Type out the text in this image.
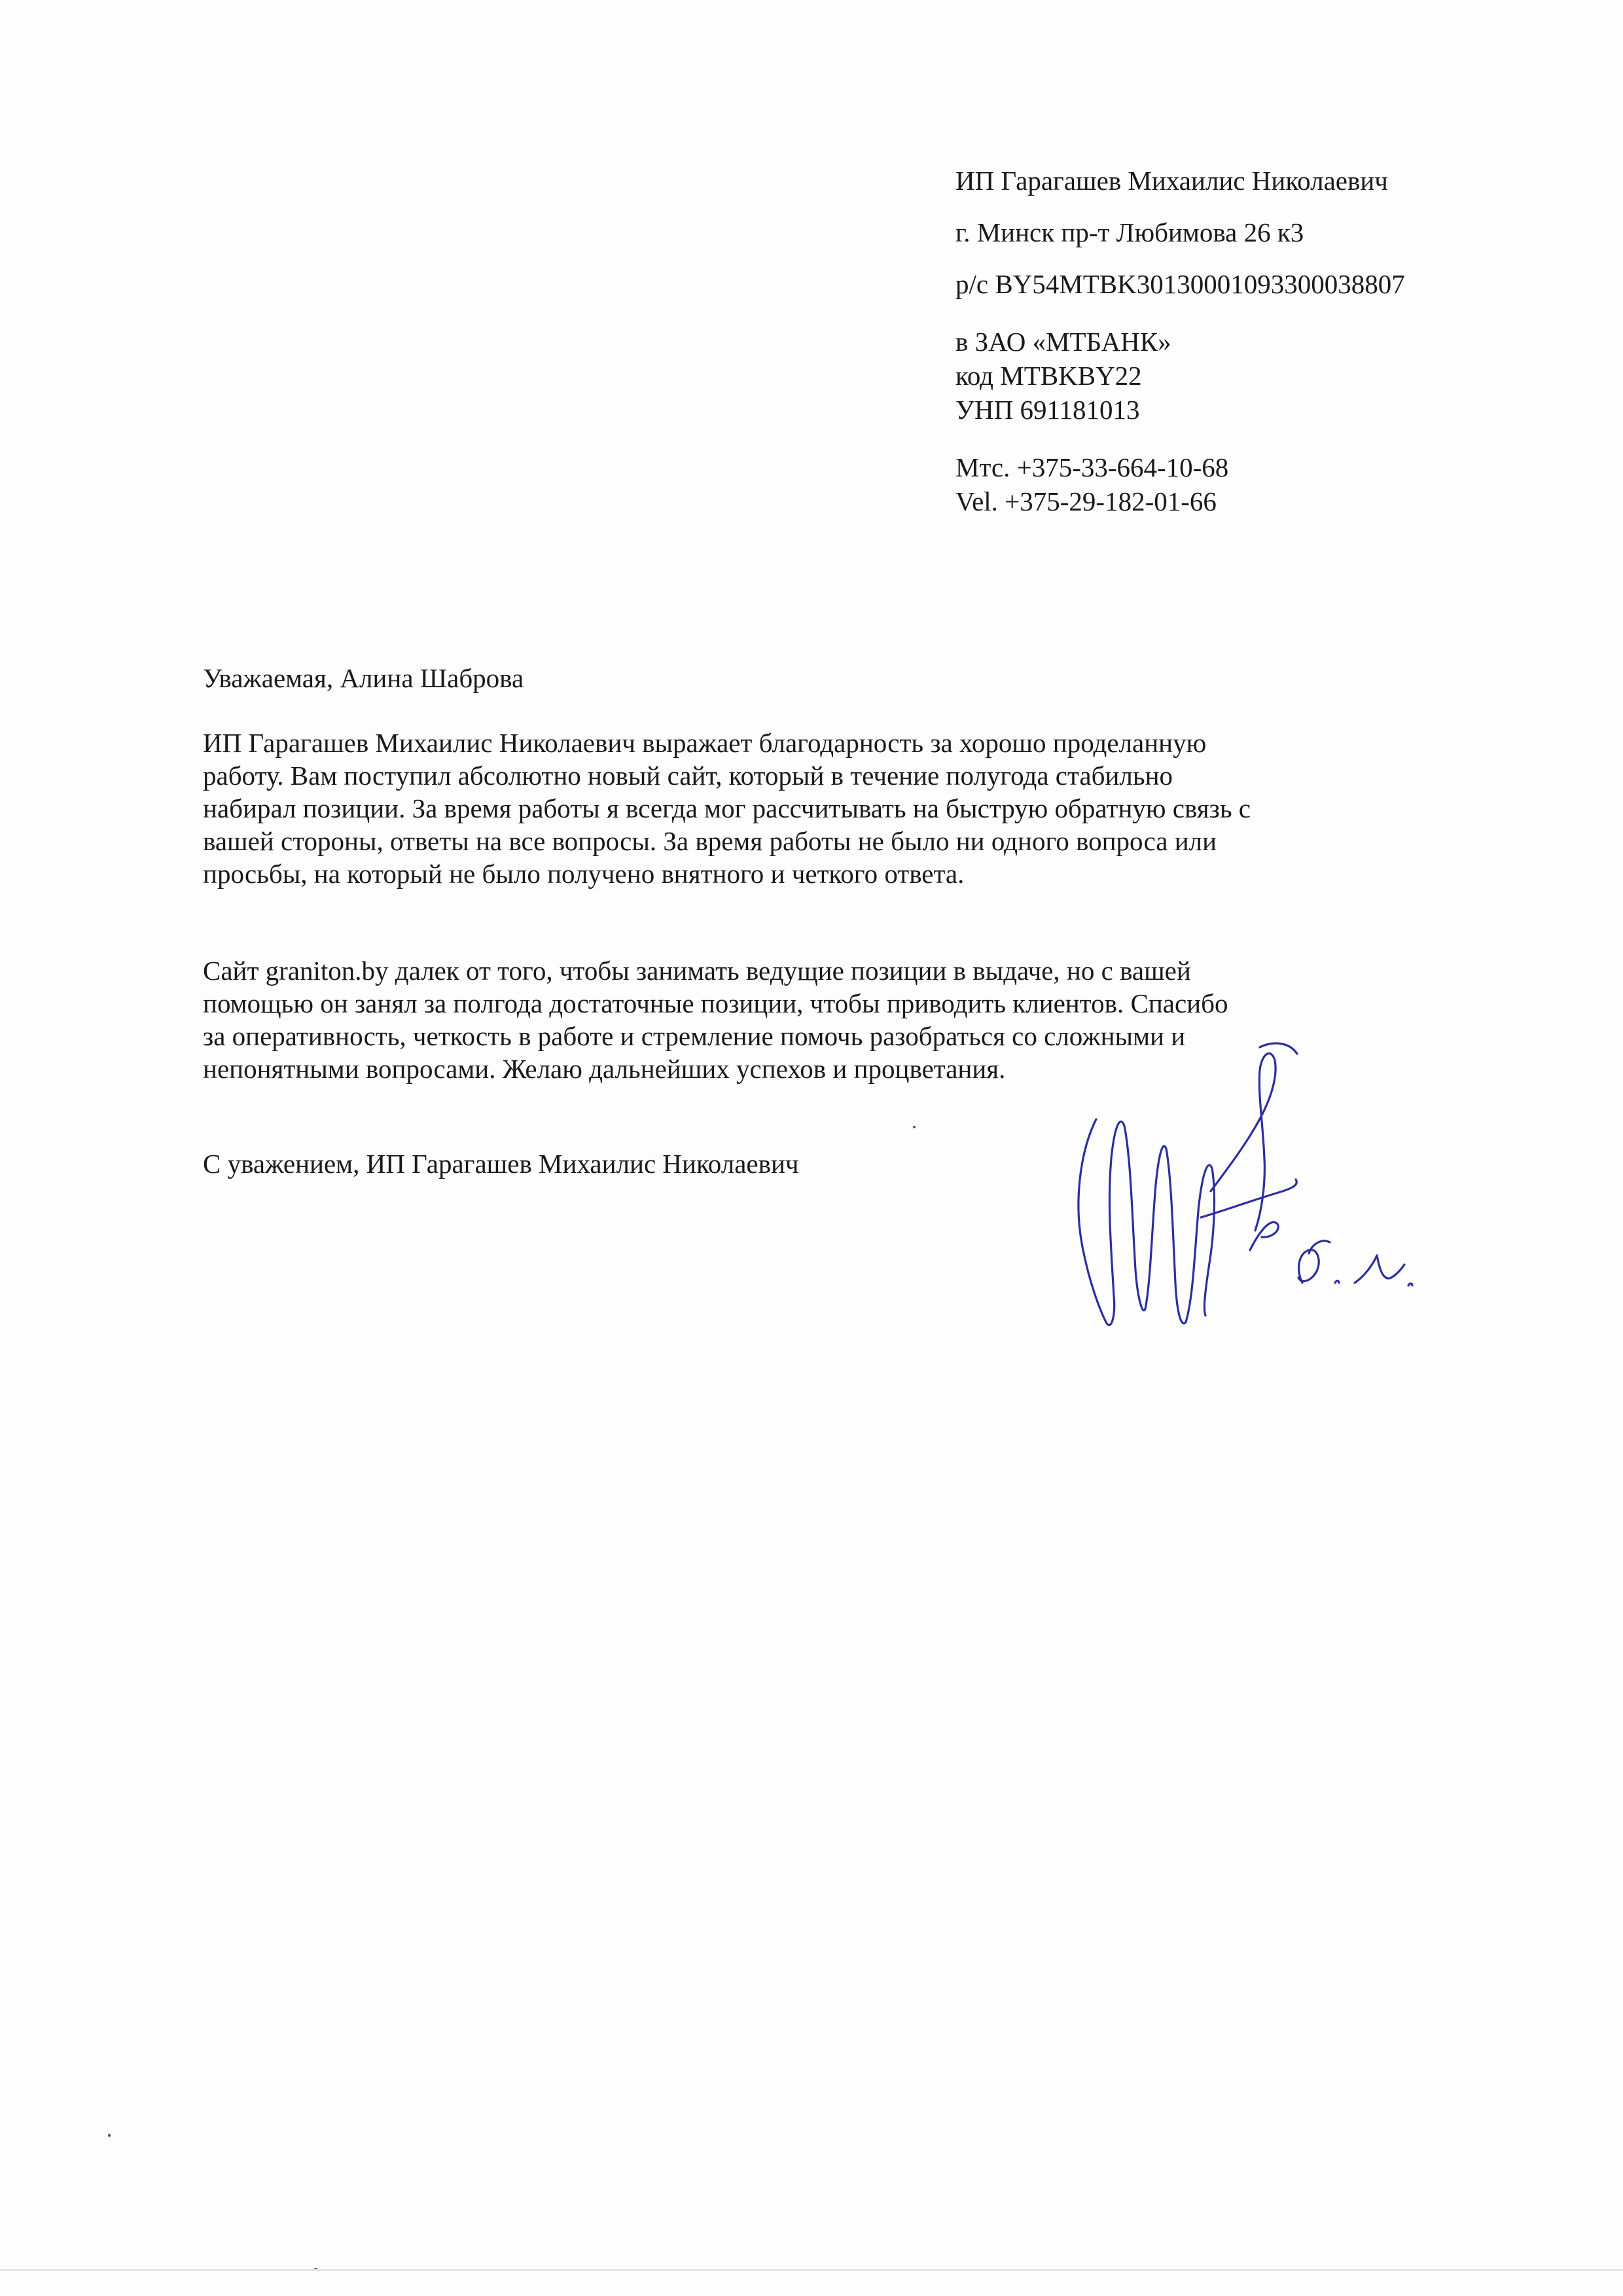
ИП Гарагашев Михаилис Николаевич
г. Минск пр-т Любимова 26 к3
р/с BY54MTBK30130001093300038807
в ЗАО «МТБАНК»
код MTBKBY22
УНП 691181013
Мтс. +375-33-664-10-68
Vel. +375-29-182-01-66
Уважаемая, Алина Шаброва
ИП Гарагашев Михаилис Николаевич выражает благодарность за хорошо проделанную
работу. Вам поступил абсолютно новый сайт, который в течение полугода стабильно
набирал позиции. За время работы я всегда мог рассчитывать на быструю обратную связь с
вашей стороны, ответы на все вопросы. За время работы не было ни одного вопроса или
просьбы, на который не было получено внятного и четкого ответа.
Сайт graniton.by далек от того, чтобы занимать ведущие позиции в выдаче, но с вашей
помощью он занял за полгода достаточные позиции, чтобы приводить клиентов. Спасибо
за оперативность, четкость в работе и стремление помочь разобраться со сложными и
непонятными вопросами. Желаю дальнейших успехов и процветания.
С уважением, ИП Гарагашев Михаилис Николаевич
